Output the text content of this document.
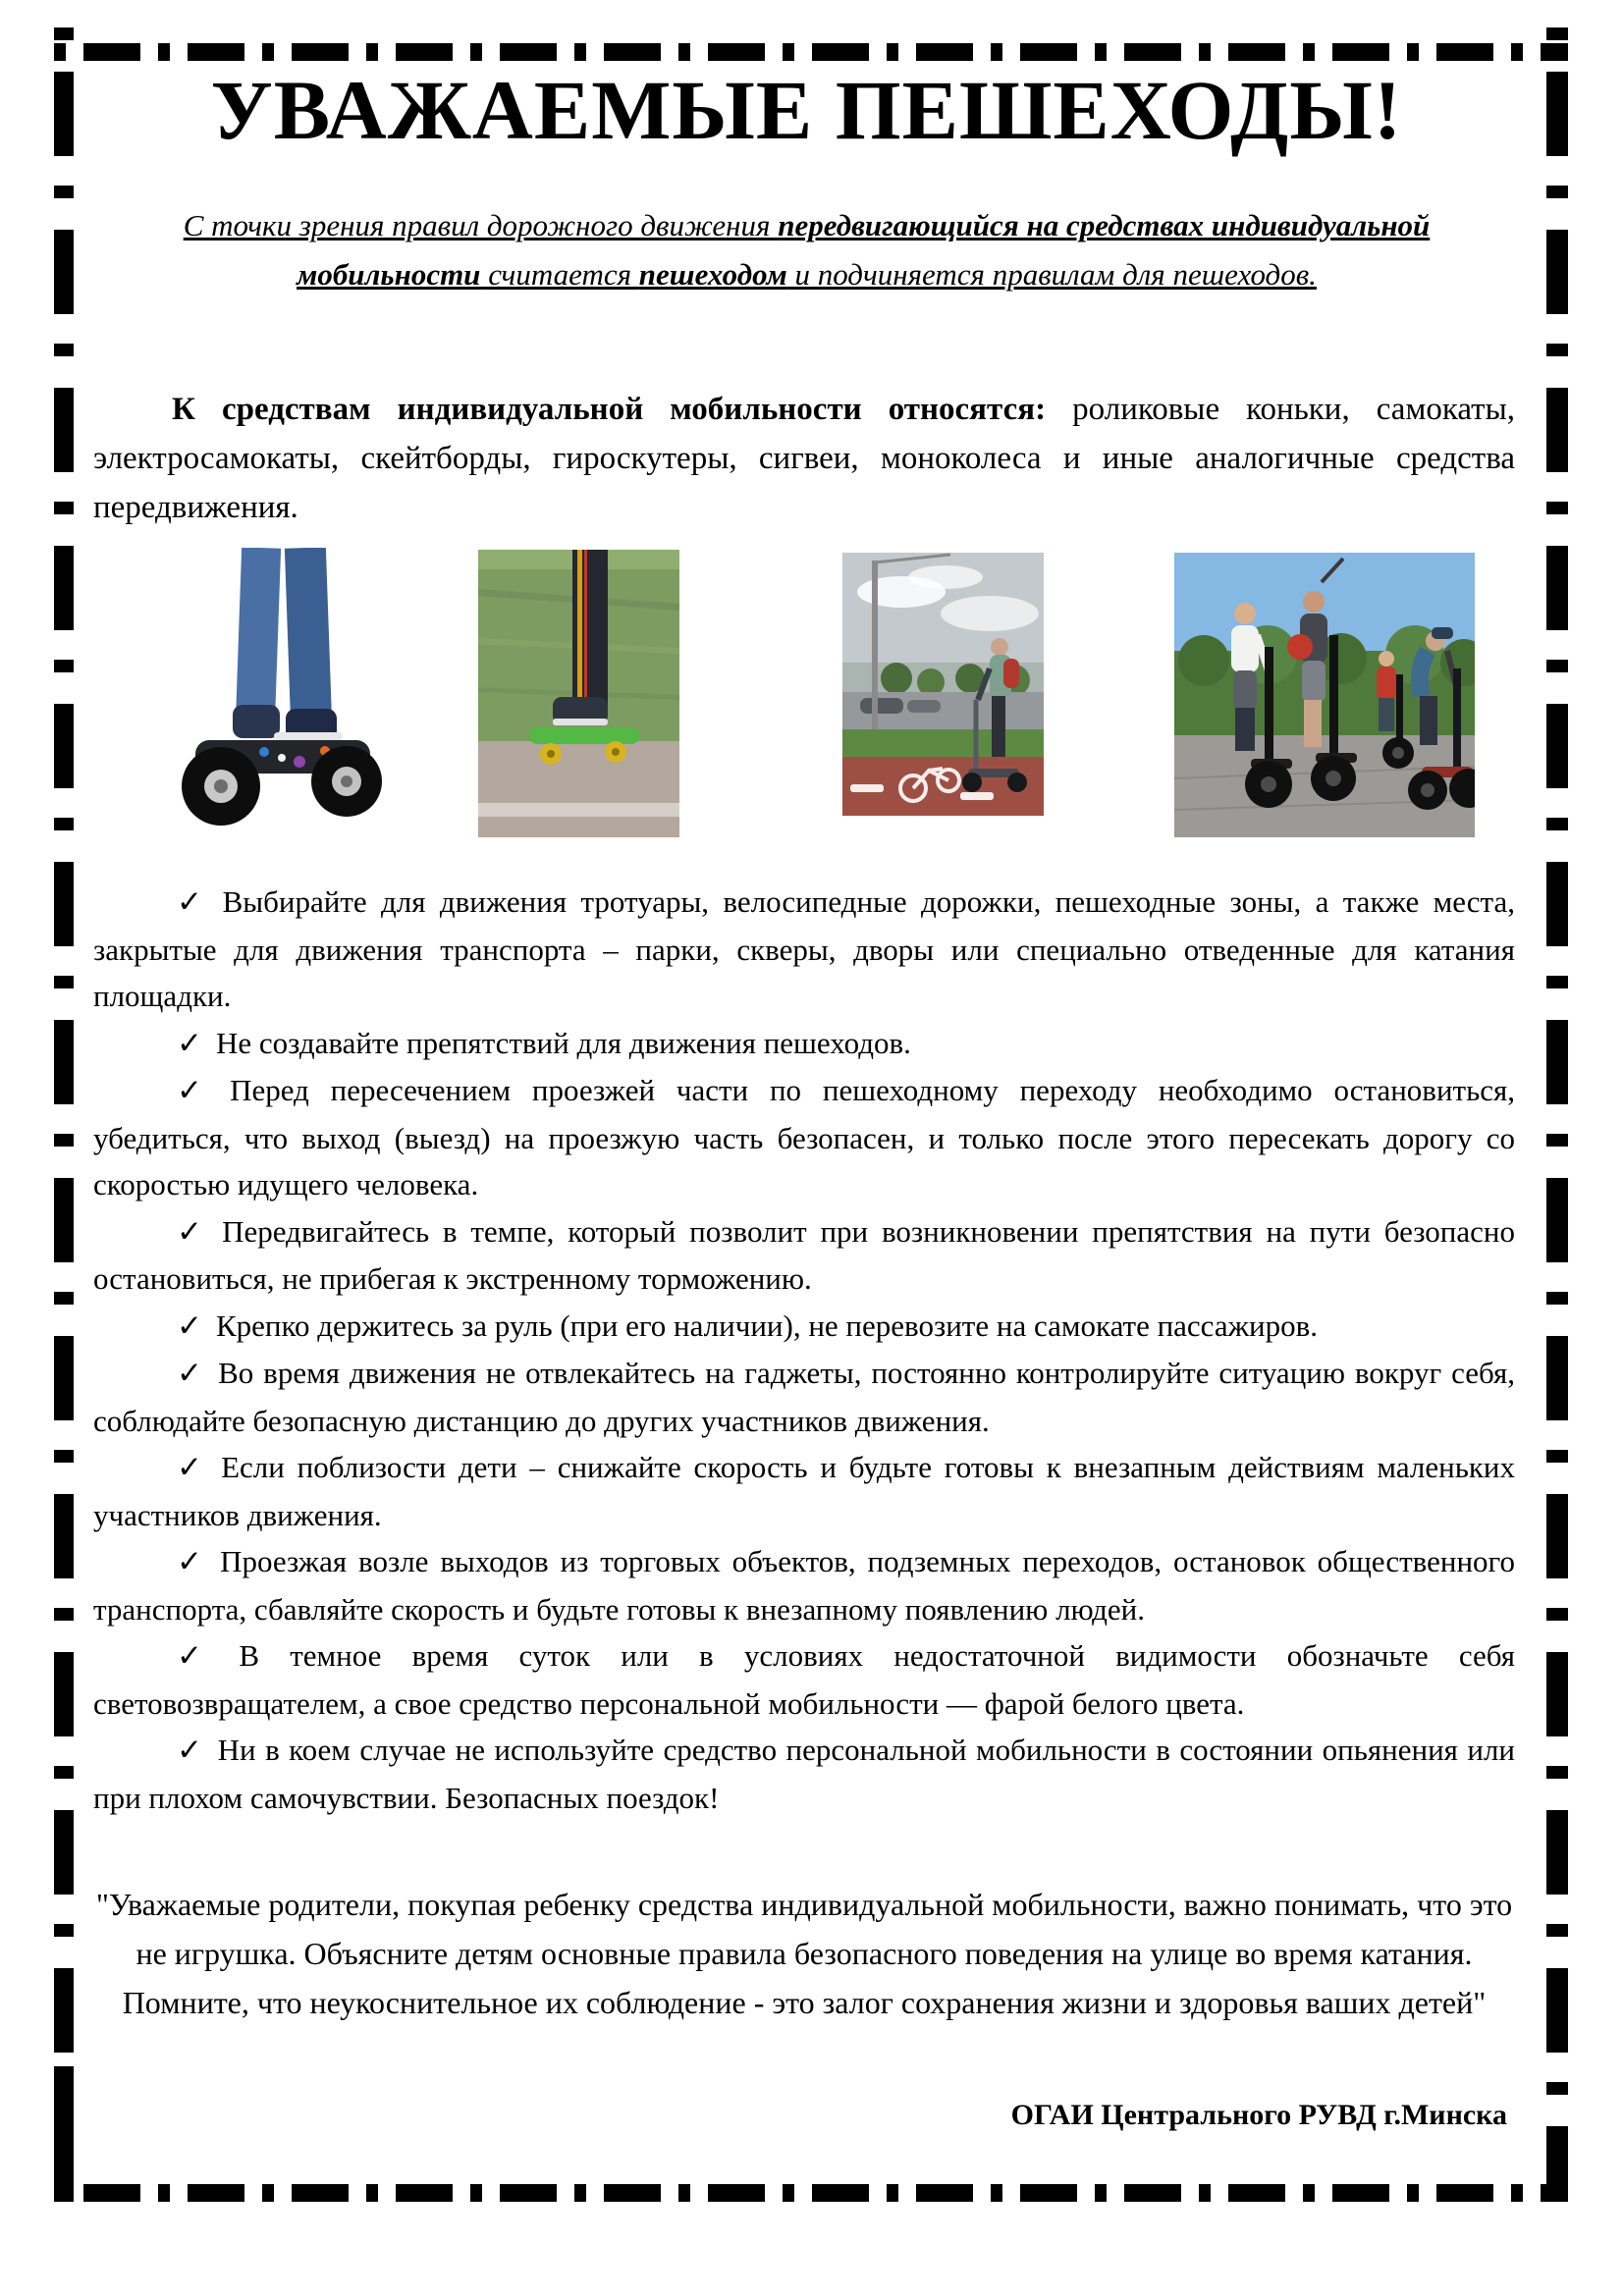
УВАЖАЕМЫЕ ПЕШЕХОДЫ!

С точки зрения правил дорожного движения передвигающийся на средствах индивидуальной мобильности считается пешеходом и подчиняется правилам для пешеходов.

К средствам индивидуальной мобильности относятся: роликовые коньки, самокаты, электросамокаты, скейтборды, гироскутеры, сигвеи, моноколеса и иные аналогичные средства передвижения.

✓ Выбирайте для движения тротуары, велосипедные дорожки, пешеходные зоны, а также места, закрытые для движения транспорта – парки, скверы, дворы или специально отведенные для катания площадки.
✓ Не создавайте препятствий для движения пешеходов.
✓ Перед пересечением проезжей части по пешеходному переходу необходимо остановиться, убедиться, что выход (выезд) на проезжую часть безопасен, и только после этого пересекать дорогу со скоростью идущего человека.
✓ Передвигайтесь в темпе, который позволит при возникновении препятствия на пути безопасно остановиться, не прибегая к экстренному торможению.
✓ Крепко держитесь за руль (при его наличии), не перевозите на самокате пассажиров.
✓ Во время движения не отвлекайтесь на гаджеты, постоянно контролируйте ситуацию вокруг себя, соблюдайте безопасную дистанцию до других участников движения.
✓ Если поблизости дети – снижайте скорость и будьте готовы к внезапным действиям маленьких участников движения.
✓ Проезжая возле выходов из торговых объектов, подземных переходов, остановок общественного транспорта, сбавляйте скорость и будьте готовы к внезапному появлению людей.
✓ В темное время суток или в условиях недостаточной видимости обозначьте себя световозвращателем, а свое средство персональной мобильности — фарой белого цвета.
✓ Ни в коем случае не используйте средство персональной мобильности в состоянии опьянения или при плохом самочувствии. Безопасных поездок!

"Уважаемые родители, покупая ребенку средства индивидуальной мобильности, важно понимать, что это не игрушка. Объясните детям основные правила безопасного поведения на улице во время катания. Помните, что неукоснительное их соблюдение - это залог сохранения жизни и здоровья ваших детей"

ОГАИ Центрального РУВД г.Минска
